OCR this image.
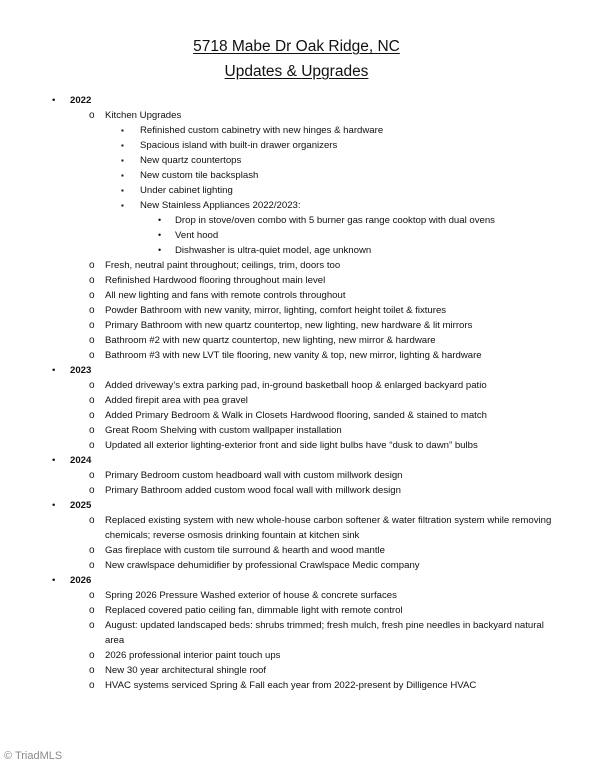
5718 Mabe Dr Oak Ridge, NC
Updates & Upgrades
• 2022
o Kitchen Upgrades
▪ Refinished custom cabinetry with new hinges & hardware
▪ Spacious island with built-in drawer organizers
▪ New quartz countertops
▪ New custom tile backsplash
▪ Under cabinet lighting
▪ New Stainless Appliances 2022/2023:
• Drop in stove/oven combo with 5 burner gas range cooktop with dual ovens
• Vent hood
• Dishwasher is ultra-quiet model, age unknown
o Fresh, neutral paint throughout; ceilings, trim, doors too
o Refinished Hardwood flooring throughout main level
o All new lighting and fans with remote controls throughout
o Powder Bathroom with new vanity, mirror, lighting, comfort height toilet & fixtures
o Primary Bathroom with new quartz countertop, new lighting, new hardware & lit mirrors
o Bathroom #2 with new quartz countertop, new lighting, new mirror & hardware
o Bathroom #3 with new LVT tile flooring, new vanity & top, new mirror, lighting & hardware
• 2023
o Added driveway’s extra parking pad, in-ground basketball hoop & enlarged backyard patio
o Added firepit area with pea gravel
o Added Primary Bedroom & Walk in Closets Hardwood flooring, sanded & stained to match
o Great Room Shelving with custom wallpaper installation
o Updated all exterior lighting-exterior front and side light bulbs have “dusk to dawn” bulbs
• 2024
o Primary Bedroom custom headboard wall with custom millwork design
o Primary Bathroom added custom wood focal wall with millwork design
• 2025
o Replaced existing system with new whole-house carbon softener & water filtration system while removing chemicals; reverse osmosis drinking fountain at kitchen sink
o Gas fireplace with custom tile surround & hearth and wood mantle
o New crawlspace dehumidifier by professional Crawlspace Medic company
• 2026
o Spring 2026 Pressure Washed exterior of house & concrete surfaces
o Replaced covered patio ceiling fan, dimmable light with remote control
o August: updated landscaped beds: shrubs trimmed; fresh mulch, fresh pine needles in backyard natural area
o 2026 professional interior paint touch ups
o New 30 year architectural shingle roof
o HVAC systems serviced Spring & Fall each year from 2022-present by Dilligence HVAC
© TriadMLS
